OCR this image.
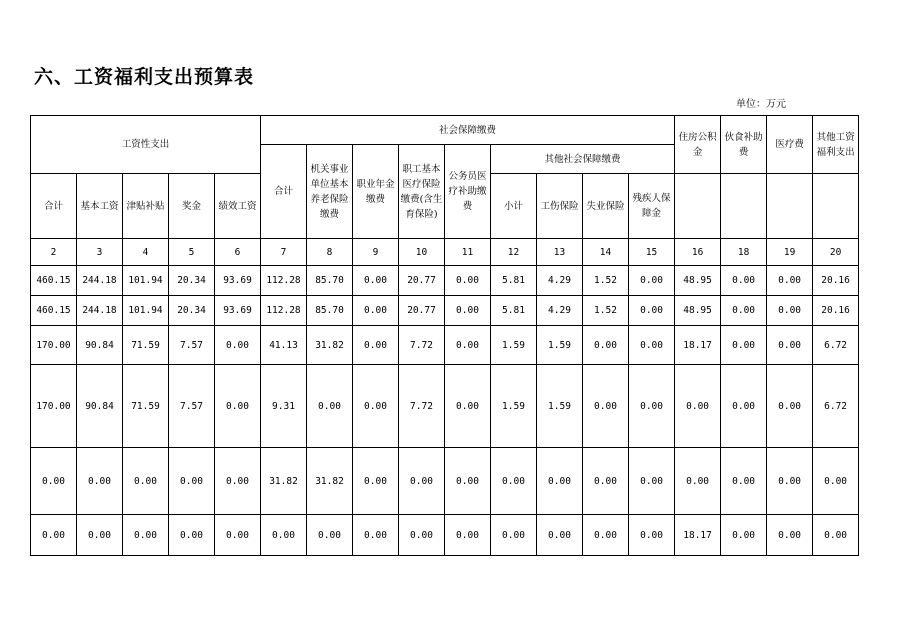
六、工资福利支出预算表
单位：万元
工资性支出					社会保障缴费									住房公积金	伙食补助费	医疗费	其他工资福利支出
					合计	机关事业单位基本养老保险缴费	职业年金缴费	职工基本医疗保险缴费(含生育保险)	公务员医疗补助缴费	其他社会保障缴费							
合计	基本工资	津贴补贴	奖金	绩效工资						小计	工伤保险	失业保险	残疾人保障金				
2	3	4	5	6	7	8	9	10	11	12	13	14	15	16	18	19	20
460.15	244.18	101.94	20.34	93.69	112.28	85.70	0.00	20.77	0.00	5.81	4.29	1.52	0.00	48.95	0.00	0.00	20.16
460.15	244.18	101.94	20.34	93.69	112.28	85.70	0.00	20.77	0.00	5.81	4.29	1.52	0.00	48.95	0.00	0.00	20.16
170.00	90.84	71.59	7.57	0.00	41.13	31.82	0.00	7.72	0.00	1.59	1.59	0.00	0.00	18.17	0.00	0.00	6.72
170.00	90.84	71.59	7.57	0.00	9.31	0.00	0.00	7.72	0.00	1.59	1.59	0.00	0.00	0.00	0.00	0.00	6.72
0.00	0.00	0.00	0.00	0.00	31.82	31.82	0.00	0.00	0.00	0.00	0.00	0.00	0.00	0.00	0.00	0.00	0.00
0.00	0.00	0.00	0.00	0.00	0.00	0.00	0.00	0.00	0.00	0.00	0.00	0.00	0.00	18.17	0.00	0.00	0.00
